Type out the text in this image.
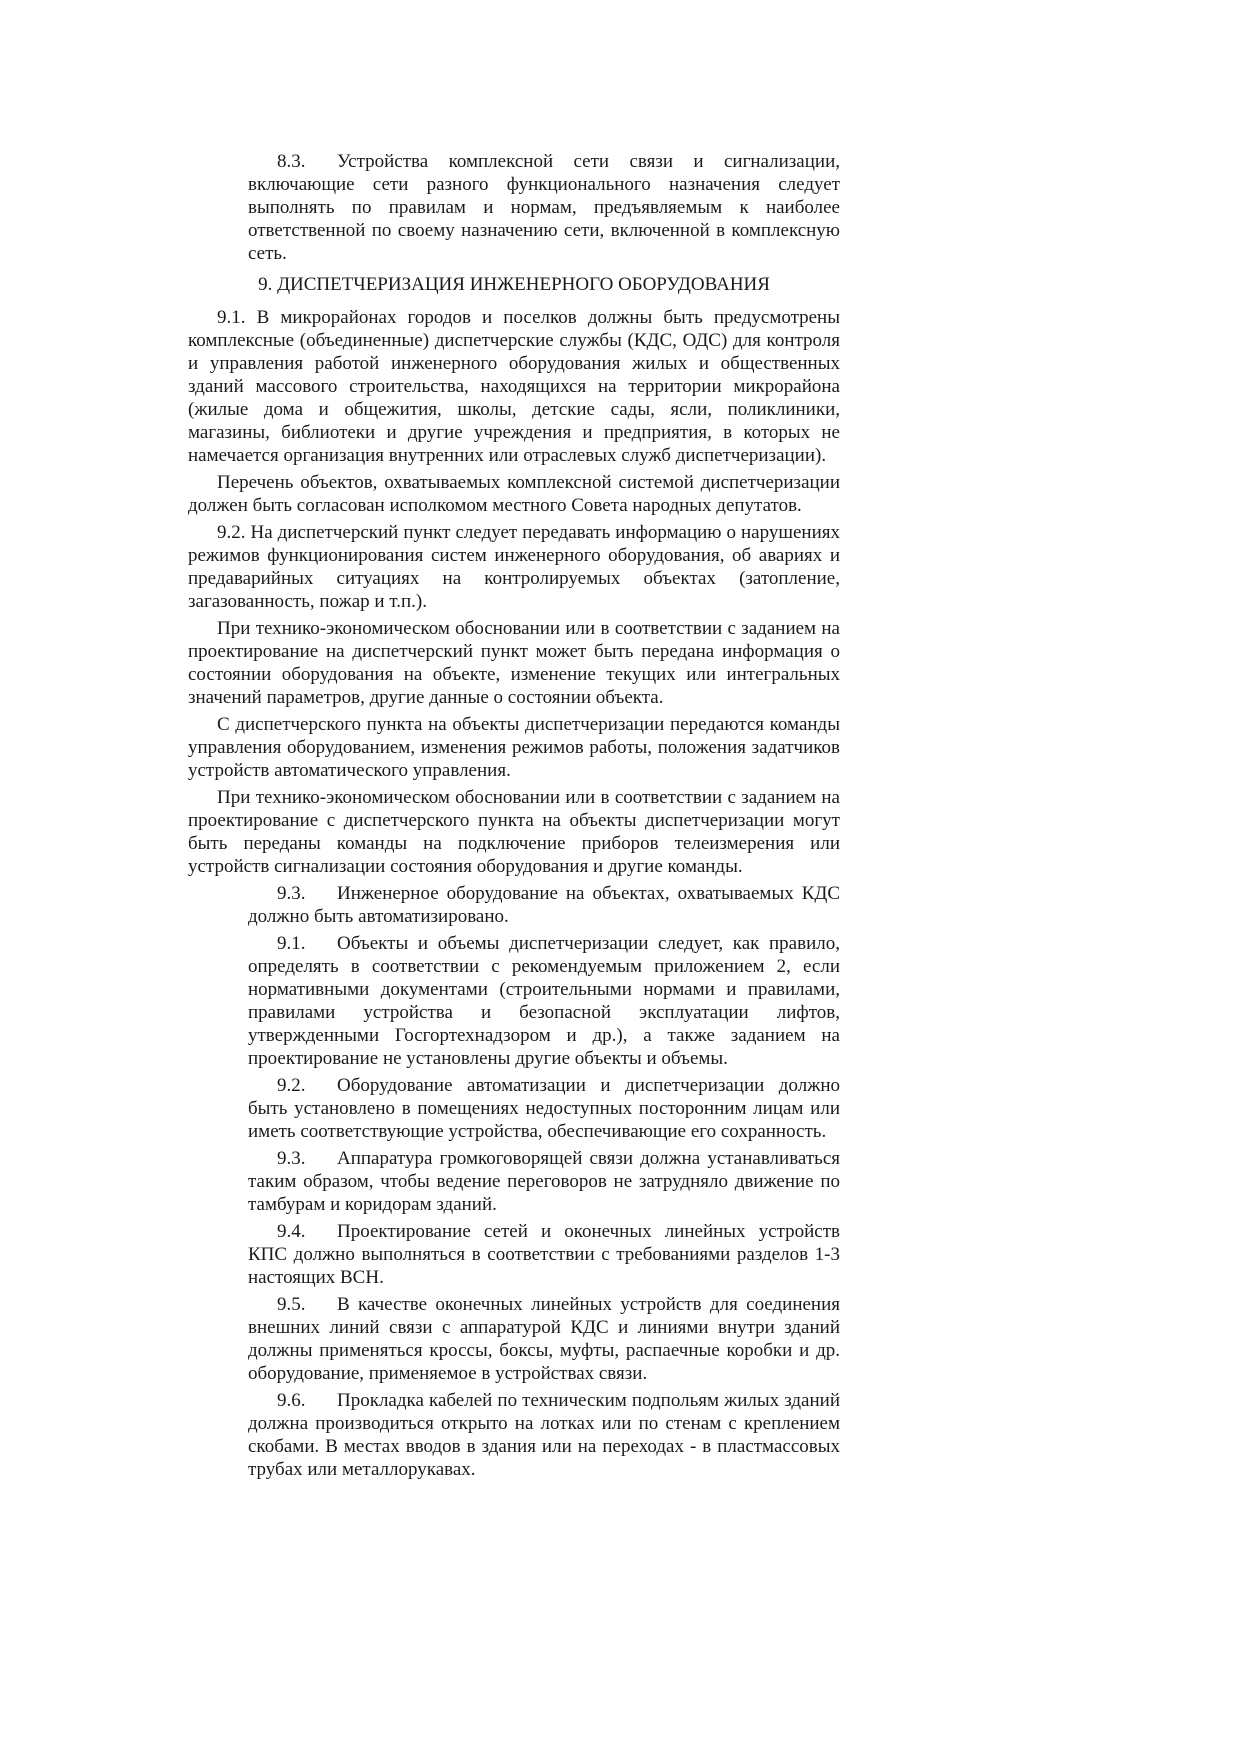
8.3. Устройства комплексной сети связи и сигнализации, включающие сети разного функционального назначения следует выполнять по правилам и нормам, предъявляемым к наиболее ответственной по своему назначению сети, включенной в комплексную сеть.

9. ДИСПЕТЧЕРИЗАЦИЯ ИНЖЕНЕРНОГО ОБОРУДОВАНИЯ

9.1. В микрорайонах городов и поселков должны быть предусмотрены комплексные (объединенные) диспетчерские службы (КДС, ОДС) для контроля и управления работой инженерного оборудования жилых и общественных зданий массового строительства, находящихся на территории микрорайона (жилые дома и общежития, школы, детские сады, ясли, поликлиники, магазины, библиотеки и другие учреждения и предприятия, в которых не намечается организация внутренних или отраслевых служб диспетчеризации).

Перечень объектов, охватываемых комплексной системой диспетчеризации должен быть согласован исполкомом местного Совета народных депутатов.

9.2. На диспетчерский пункт следует передавать информацию о нарушениях режимов функционирования систем инженерного оборудования, об авариях и предаварийных ситуациях на контролируемых объектах (затопление, загазованность, пожар и т.п.).

При технико-экономическом обосновании или в соответствии с заданием на проектирование на диспетчерский пункт может быть передана информация о состоянии оборудования на объекте, изменение текущих или интегральных значений параметров, другие данные о состоянии объекта.

С диспетчерского пункта на объекты диспетчеризации передаются команды управления оборудованием, изменения режимов работы, положения задатчиков устройств автоматического управления.

При технико-экономическом обосновании или в соответствии с заданием на проектирование с диспетчерского пункта на объекты диспетчеризации могут быть переданы команды на подключение приборов телеизмерения или устройств сигнализации состояния оборудования и другие команды.

9.3. Инженерное оборудование на объектах, охватываемых КДС должно быть автоматизировано.

9.1. Объекты и объемы диспетчеризации следует, как правило, определять в соответствии с рекомендуемым приложением 2, если нормативными документами (строительными нормами и правилами, правилами устройства и безопасной эксплуатации лифтов, утвержденными Госгортехнадзором и др.), а также заданием на проектирование не установлены другие объекты и объемы.

9.2. Оборудование автоматизации и диспетчеризации должно быть установлено в помещениях недоступных посторонним лицам или иметь соответствующие устройства, обеспечивающие его сохранность.

9.3. Аппаратура громкоговорящей связи должна устанавливаться таким образом, чтобы ведение переговоров не затрудняло движение по тамбурам и коридорам зданий.

9.4. Проектирование сетей и оконечных линейных устройств КПС должно выполняться в соответствии с требованиями разделов 1-3 настоящих ВСН.

9.5. В качестве оконечных линейных устройств для соединения внешних линий связи с аппаратурой КДС и линиями внутри зданий должны применяться кроссы, боксы, муфты, распаечные коробки и др. оборудование, применяемое в устройствах связи.

9.6. Прокладка кабелей по техническим подпольям жилых зданий должна производиться открыто на лотках или по стенам с креплением скобами. В местах вводов в здания или на переходах - в пластмассовых трубах или металлорукавах.
